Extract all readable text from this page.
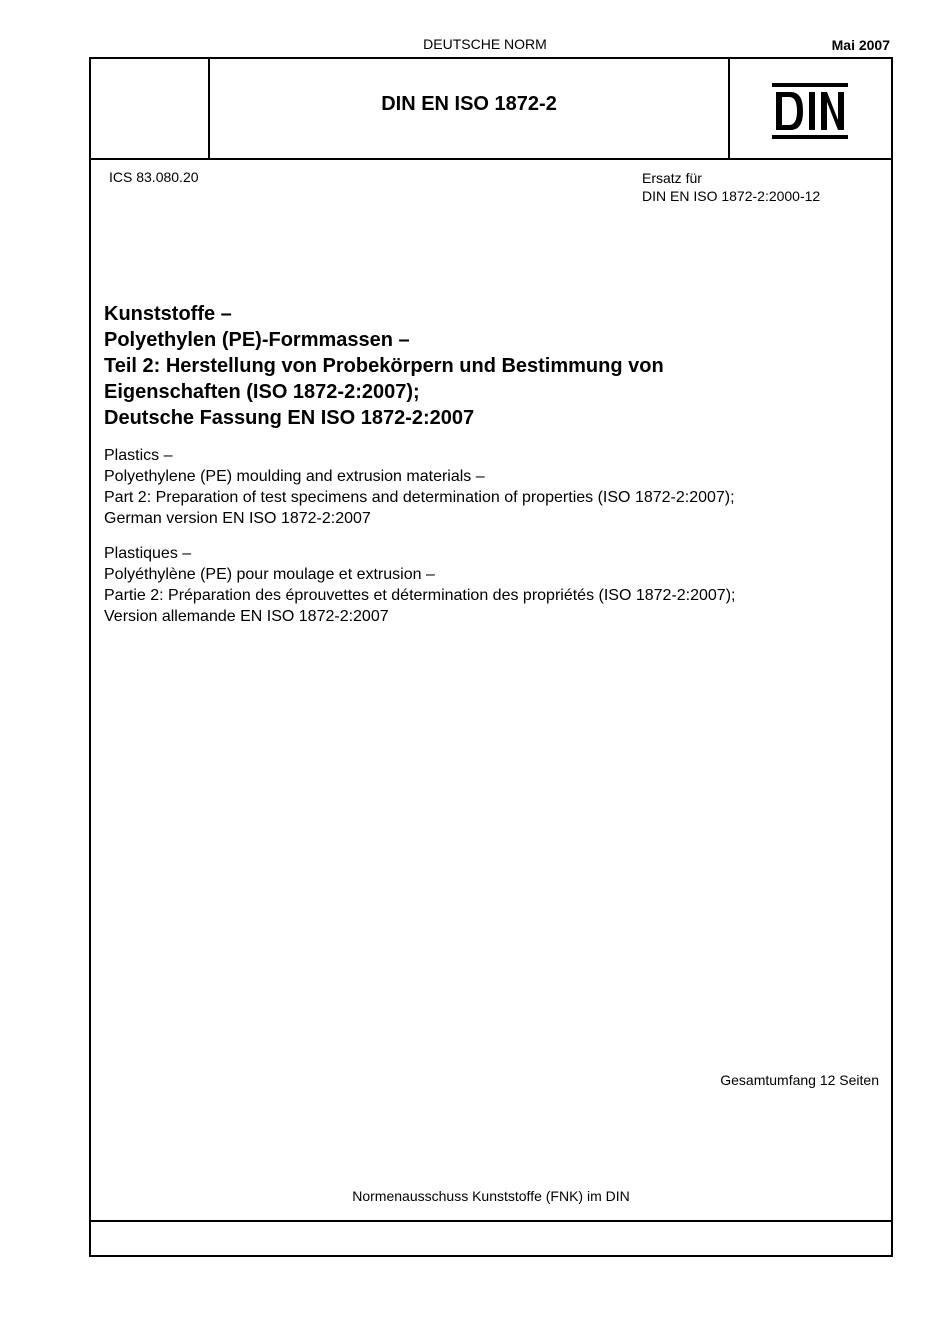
DEUTSCHE NORM	Mai 2007
DIN EN ISO 1872-2
ICS 83.080.20	Ersatz für
DIN EN ISO 1872-2:2000-12
Kunststoffe –
Polyethylen (PE)-Formmassen –
Teil 2: Herstellung von Probekörpern und Bestimmung von
Eigenschaften (ISO 1872-2:2007);
Deutsche Fassung EN ISO 1872-2:2007
Plastics –
Polyethylene (PE) moulding and extrusion materials –
Part 2: Preparation of test specimens and determination of properties (ISO 1872-2:2007);
German version EN ISO 1872-2:2007
Plastiques –
Polyéthylène (PE) pour moulage et extrusion –
Partie 2: Préparation des éprouvettes et détermination des propriétés (ISO 1872-2:2007);
Version allemande EN ISO 1872-2:2007
Gesamtumfang 12 Seiten
Normenausschuss Kunststoffe (FNK) im DIN
